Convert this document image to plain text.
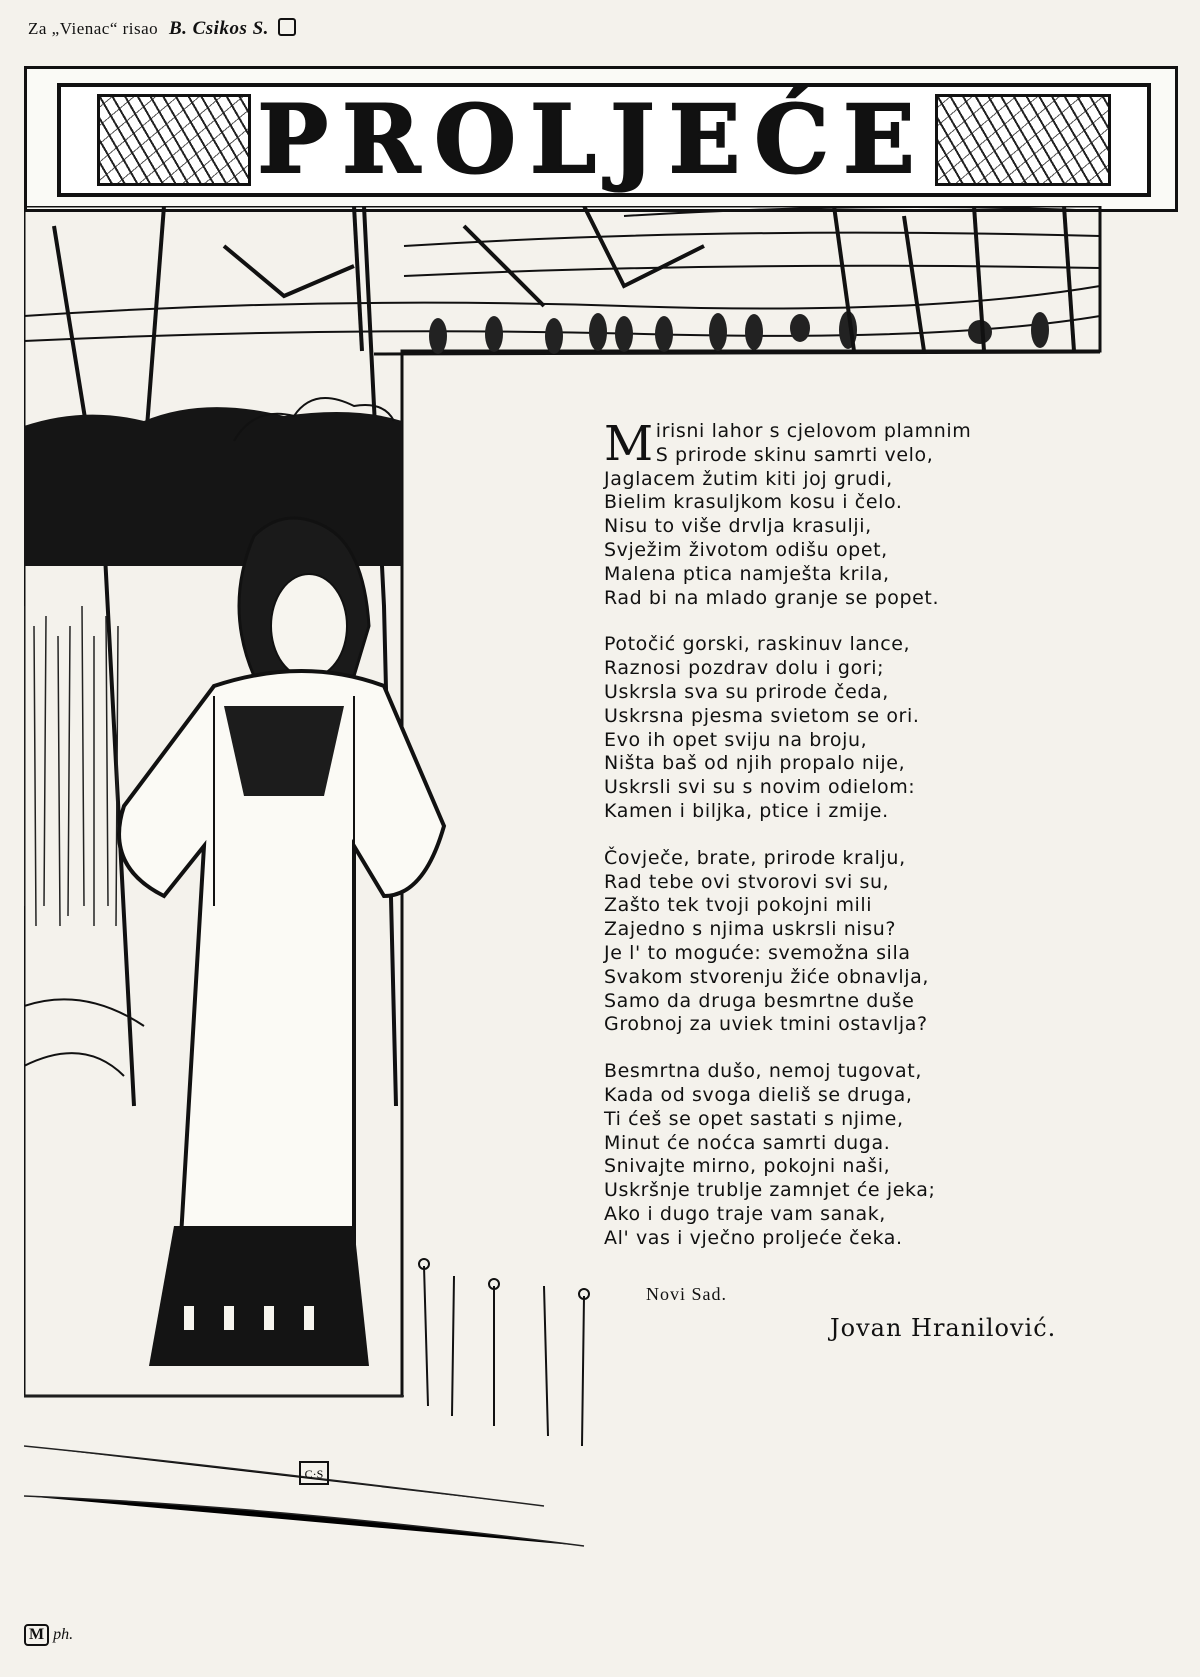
Za „Vienac“ risao B. Csikos S.
PROLJEĆE
C·S
M irisni lahor s cjelovom plamnim
S prirode skinu samrti velo,
Jaglacem žutim kiti joj grudi,
Bielim krasuljkom kosu i čelo.
Nisu to više drvlja krasulji,
Svježim životom odišu opet,
Malena ptica namješta krila,
Rad bi na mlado granje se popet.
Potočić gorski, raskinuv lance,
Raznosi pozdrav dolu i gori;
Uskrsla sva su prirode čeda,
Uskrsna pjesma svietom se ori.
Evo ih opet sviju na broju,
Ništa baš od njih propalo nije,
Uskrsli svi su s novim odielom:
Kamen i biljka, ptice i zmije.
Čovječe, brate, prirode kralju,
Rad tebe ovi stvorovi svi su,
Zašto tek tvoji pokojni mili
Zajedno s njima uskrsli nisu?
Je l' to moguće: svemožna sila
Svakom stvorenju žiće obnavlja,
Samo da druga besmrtne duše
Grobnoj za uviek tmini ostavlja?
Besmrtna dušo, nemoj tugovat,
Kada od svoga dieliš se druga,
Ti ćeš se opet sastati s njime,
Minut će noćca samrti duga.
Snivajte mirno, pokojni naši,
Uskršnje trublje zamnjet će jeka;
Ako i dugo traje vam sanak,
Al' vas i vječno proljeće čeka.
Novi Sad.
Jovan Hranilović.
M ph.
